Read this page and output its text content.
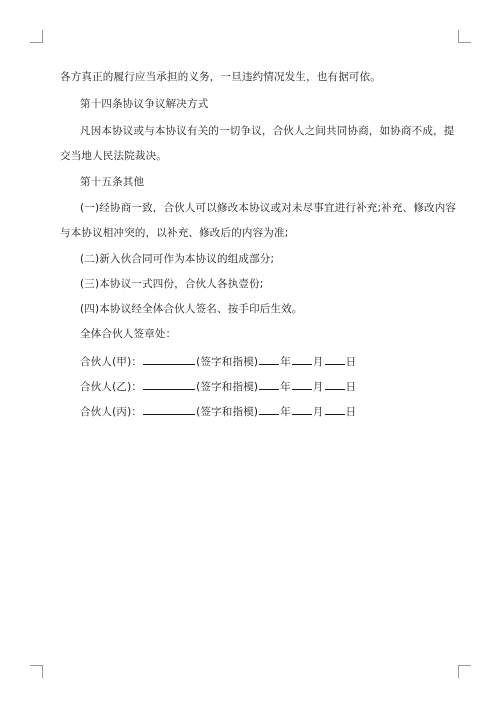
各方真正的履行应当承担的义务，一旦违约情况发生，也有据可依。
第十四条协议争议解决方式
凡因本协议或与本协议有关的一切争议，合伙人之间共同协商，如协商不成，提
交当地人民法院裁决。
第十五条其他
(一)经协商一致，合伙人可以修改本协议或对未尽事宜进行补充;补充、修改内容
与本协议相冲突的，以补充、修改后的内容为准;
(二)新入伙合同可作为本协议的组成部分;
(三)本协议一式四份，合伙人各执壹份;
(四)本协议经全体合伙人签名、按手印后生效。
全体合伙人签章处：
合伙人(甲)：	(签字和指模) 年 月 日
合伙人(乙)：	(签字和指模) 年 月 日
合伙人(丙)：	(签字和指模) 年 月 日
